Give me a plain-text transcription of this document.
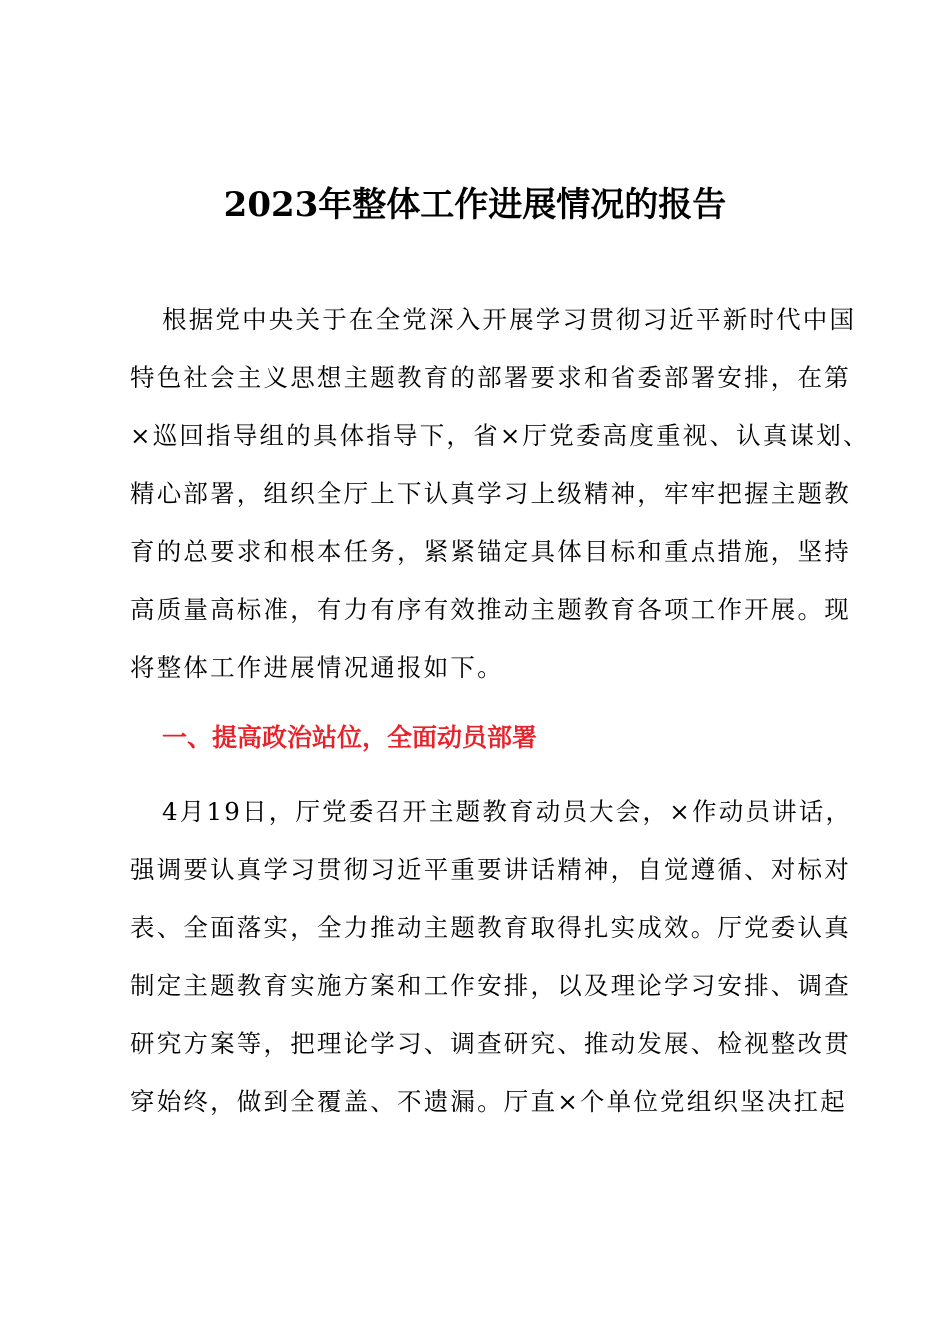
2023年整体工作进展情况的报告

根据党中央关于在全党深入开展学习贯彻习近平新时代中国

特色社会主义思想主题教育的部署要求和省委部署安排，在第

×巡回指导组的具体指导下，省×厅党委高度重视、认真谋划、

精心部署，组织全厅上下认真学习上级精神，牢牢把握主题教

育的总要求和根本任务，紧紧锚定具体目标和重点措施，坚持

高质量高标准，有力有序有效推动主题教育各项工作开展。现

将整体工作进展情况通报如下。

一、提高政治站位，全面动员部署

4月19日，厅党委召开主题教育动员大会，×作动员讲话，

强调要认真学习贯彻习近平重要讲话精神，自觉遵循、对标对

表、全面落实，全力推动主题教育取得扎实成效。厅党委认真

制定主题教育实施方案和工作安排，以及理论学习安排、调查

研究方案等，把理论学习、调查研究、推动发展、检视整改贯

穿始终，做到全覆盖、不遗漏。厅直×个单位党组织坚决扛起
